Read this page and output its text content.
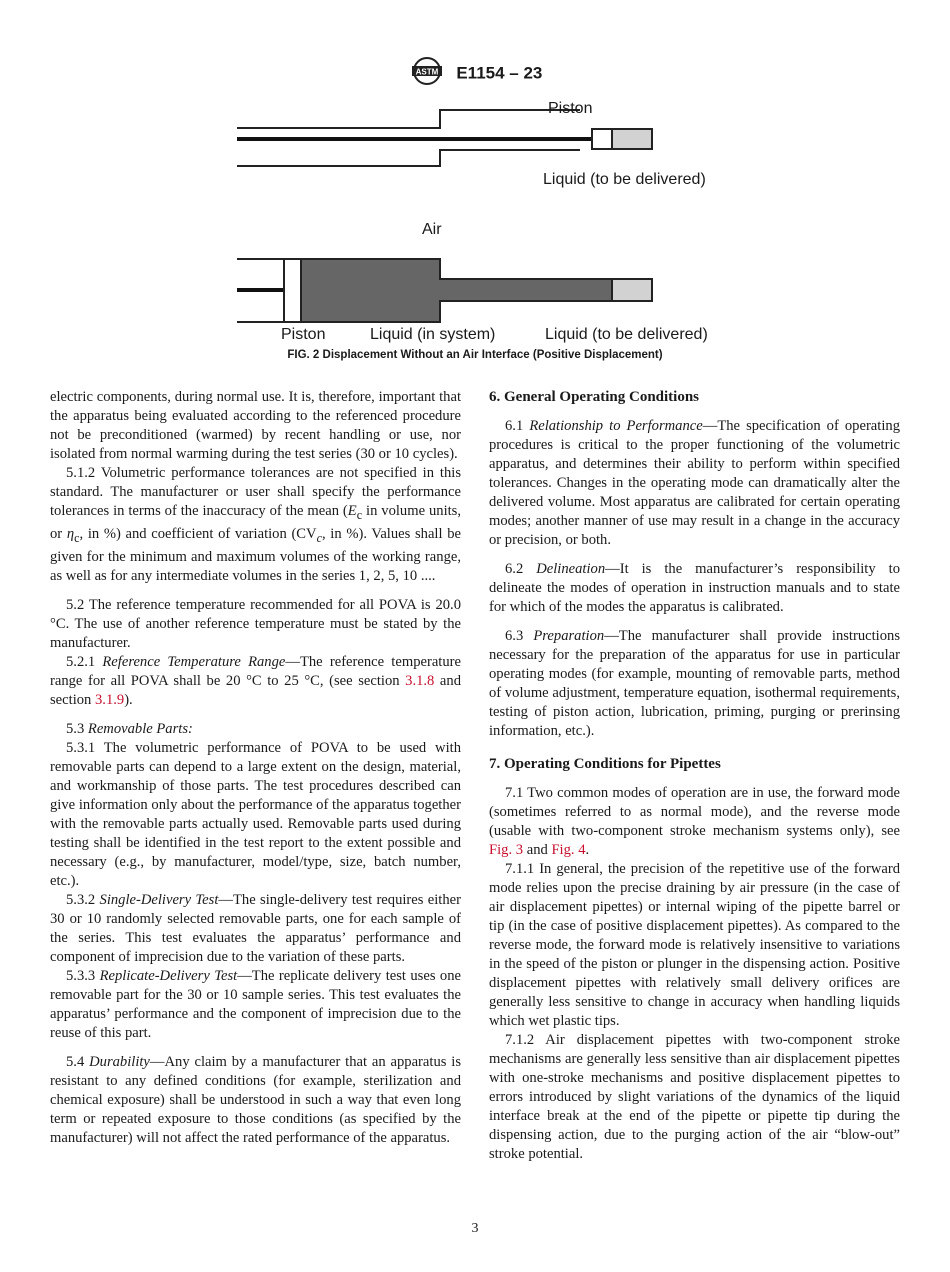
ASTM E1154 – 23
Piston
Liquid (to be delivered)
Air
Piston	Liquid (in system)	Liquid (to be delivered)
FIG. 2 Displacement Without an Air Interface (Positive Displacement)

electric components, during normal use. It is, therefore, important that the apparatus being evaluated according to the referenced procedure not be preconditioned (warmed) by recent handling or use, nor isolated from normal warming during the test series (30 or 10 cycles).

5.1.2 Volumetric performance tolerances are not specified in this standard. The manufacturer or user shall specify the performance tolerances in terms of the inaccuracy of the mean ($E_c$ in volume units, or $\eta_c$, in %) and coefficient of variation ($CV_c$, in %). Values shall be given for the minimum and maximum volumes of the working range, as well as for any intermediate volumes in the series 1, 2, 5, 10 ....

5.2 The reference temperature recommended for all POVA is 20.0 °C. The use of another reference temperature must be stated by the manufacturer.

5.2.1 Reference Temperature Range—The reference temperature range for all POVA shall be 20 °C to 25 °C, (see section 3.1.8 and section 3.1.9).

5.3 Removable Parts:

5.3.1 The volumetric performance of POVA to be used with removable parts can depend to a large extent on the design, material, and workmanship of those parts. The test procedures described can give information only about the performance of the apparatus together with the removable parts actually used. Removable parts used during testing shall be identified in the test report to the extent possible and necessary (e.g., by manufacturer, model/type, size, batch number, etc.).

5.3.2 Single-Delivery Test—The single-delivery test requires either 30 or 10 randomly selected removable parts, one for each sample of the series. This test evaluates the apparatus’ performance and component of imprecision due to the variation of these parts.

5.3.3 Replicate-Delivery Test—The replicate delivery test uses one removable part for the 30 or 10 sample series. This test evaluates the apparatus’ performance and the component of imprecision due to the reuse of this part.

5.4 Durability—Any claim by a manufacturer that an apparatus is resistant to any defined conditions (for example, sterilization and chemical exposure) shall be understood in such a way that even long term or repeated exposure to those conditions (as specified by the manufacturer) will not affect the rated performance of the apparatus.

6. General Operating Conditions

6.1 Relationship to Performance—The specification of operating procedures is critical to the proper functioning of the volumetric apparatus, and determines their ability to perform within specified tolerances. Changes in the operating mode can dramatically alter the delivered volume. Most apparatus are calibrated for certain operating modes; another manner of use may result in a change in the accuracy or precision, or both.

6.2 Delineation—It is the manufacturer’s responsibility to delineate the modes of operation in instruction manuals and to state for which of the modes the apparatus is calibrated.

6.3 Preparation—The manufacturer shall provide instructions necessary for the preparation of the apparatus for use in particular operating modes (for example, mounting of removable parts, method of volume adjustment, temperature equation, isothermal requirements, testing of piston action, lubrication, priming, purging or prerinsing information, etc.).

7. Operating Conditions for Pipettes

7.1 Two common modes of operation are in use, the forward mode (sometimes referred to as normal mode), and the reverse mode (usable with two-component stroke mechanism systems only), see Fig. 3 and Fig. 4.

7.1.1 In general, the precision of the repetitive use of the forward mode relies upon the precise draining by air pressure (in the case of air displacement pipettes) or internal wiping of the pipette barrel or tip (in the case of positive displacement pipettes). As compared to the reverse mode, the forward mode is relatively insensitive to variations in the speed of the piston or plunger in the dispensing action. Positive displacement pipettes with relatively small delivery orifices are generally less sensitive to change in accuracy when handling liquids which wet plastic tips.

7.1.2 Air displacement pipettes with two-component stroke mechanisms are generally less sensitive than air displacement pipettes with one-stroke mechanisms and positive displacement pipettes to errors introduced by slight variations of the dynamics of the liquid interface break at the end of the pipette or pipette tip during the dispensing action, due to the purging action of the air “blow-out” stroke potential.

3
